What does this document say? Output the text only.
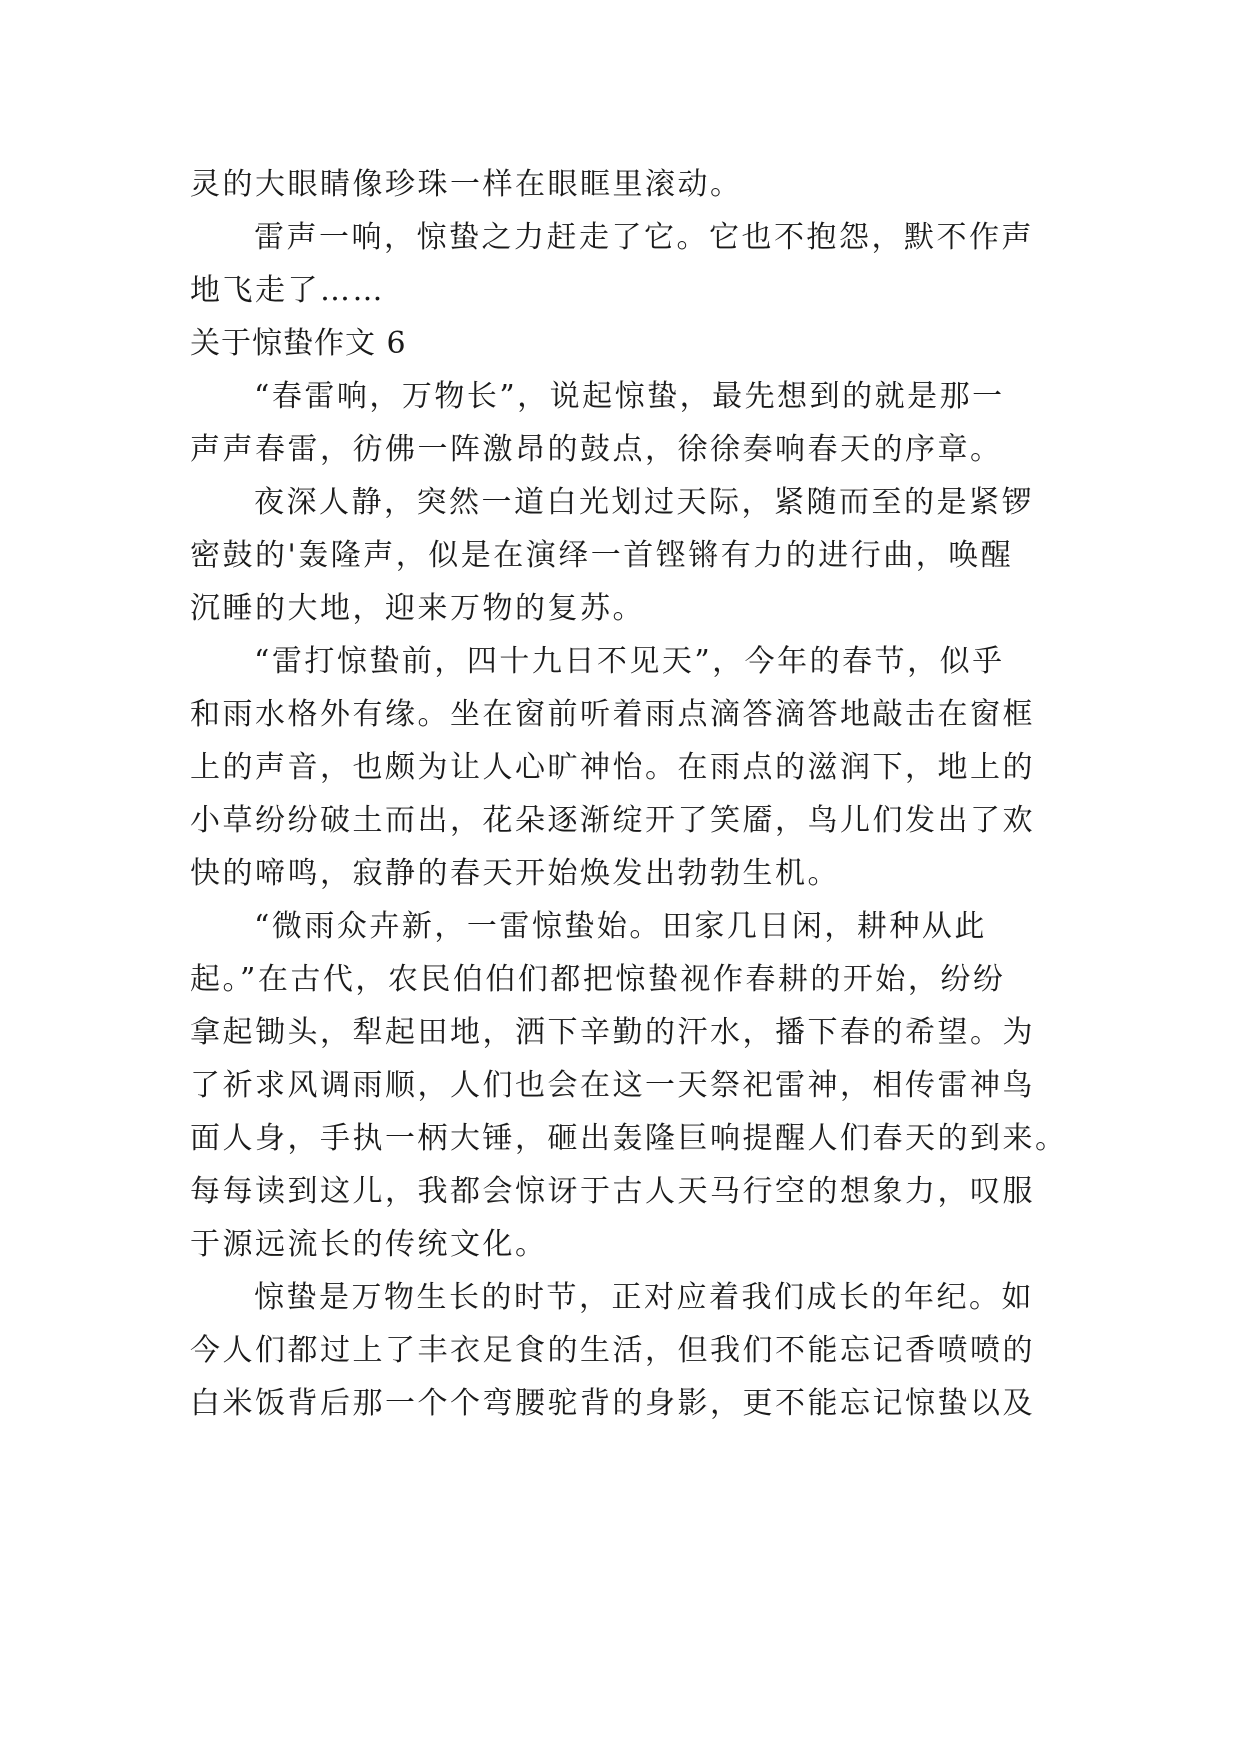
灵的大眼睛像珍珠一样在眼眶里滚动。
雷声一响，惊蛰之力赶走了它。它也不抱怨，默不作声
地飞走了……
关于惊蛰作文 6
“春雷响，万物长”，说起惊蛰，最先想到的就是那一
声声春雷，彷佛一阵激昂的鼓点，徐徐奏响春天的序章。
夜深人静，突然一道白光划过天际，紧随而至的是紧锣
密鼓的'轰隆声，似是在演绎一首铿锵有力的进行曲，唤醒
沉睡的大地，迎来万物的复苏。
“雷打惊蛰前，四十九日不见天”，今年的春节，似乎
和雨水格外有缘。坐在窗前听着雨点滴答滴答地敲击在窗框
上的声音，也颇为让人心旷神怡。在雨点的滋润下，地上的
小草纷纷破土而出，花朵逐渐绽开了笑靥，鸟儿们发出了欢
快的啼鸣，寂静的春天开始焕发出勃勃生机。
“微雨众卉新，一雷惊蛰始。田家几日闲，耕种从此
起。”在古代，农民伯伯们都把惊蛰视作春耕的开始，纷纷
拿起锄头，犁起田地，洒下辛勤的汗水，播下春的希望。为
了祈求风调雨顺，人们也会在这一天祭祀雷神，相传雷神鸟
面人身，手执一柄大锤，砸出轰隆巨响提醒人们春天的到来。
每每读到这儿，我都会惊讶于古人天马行空的想象力，叹服
于源远流长的传统文化。
惊蛰是万物生长的时节，正对应着我们成长的年纪。如
今人们都过上了丰衣足食的生活，但我们不能忘记香喷喷的
白米饭背后那一个个弯腰驼背的身影，更不能忘记惊蛰以及
